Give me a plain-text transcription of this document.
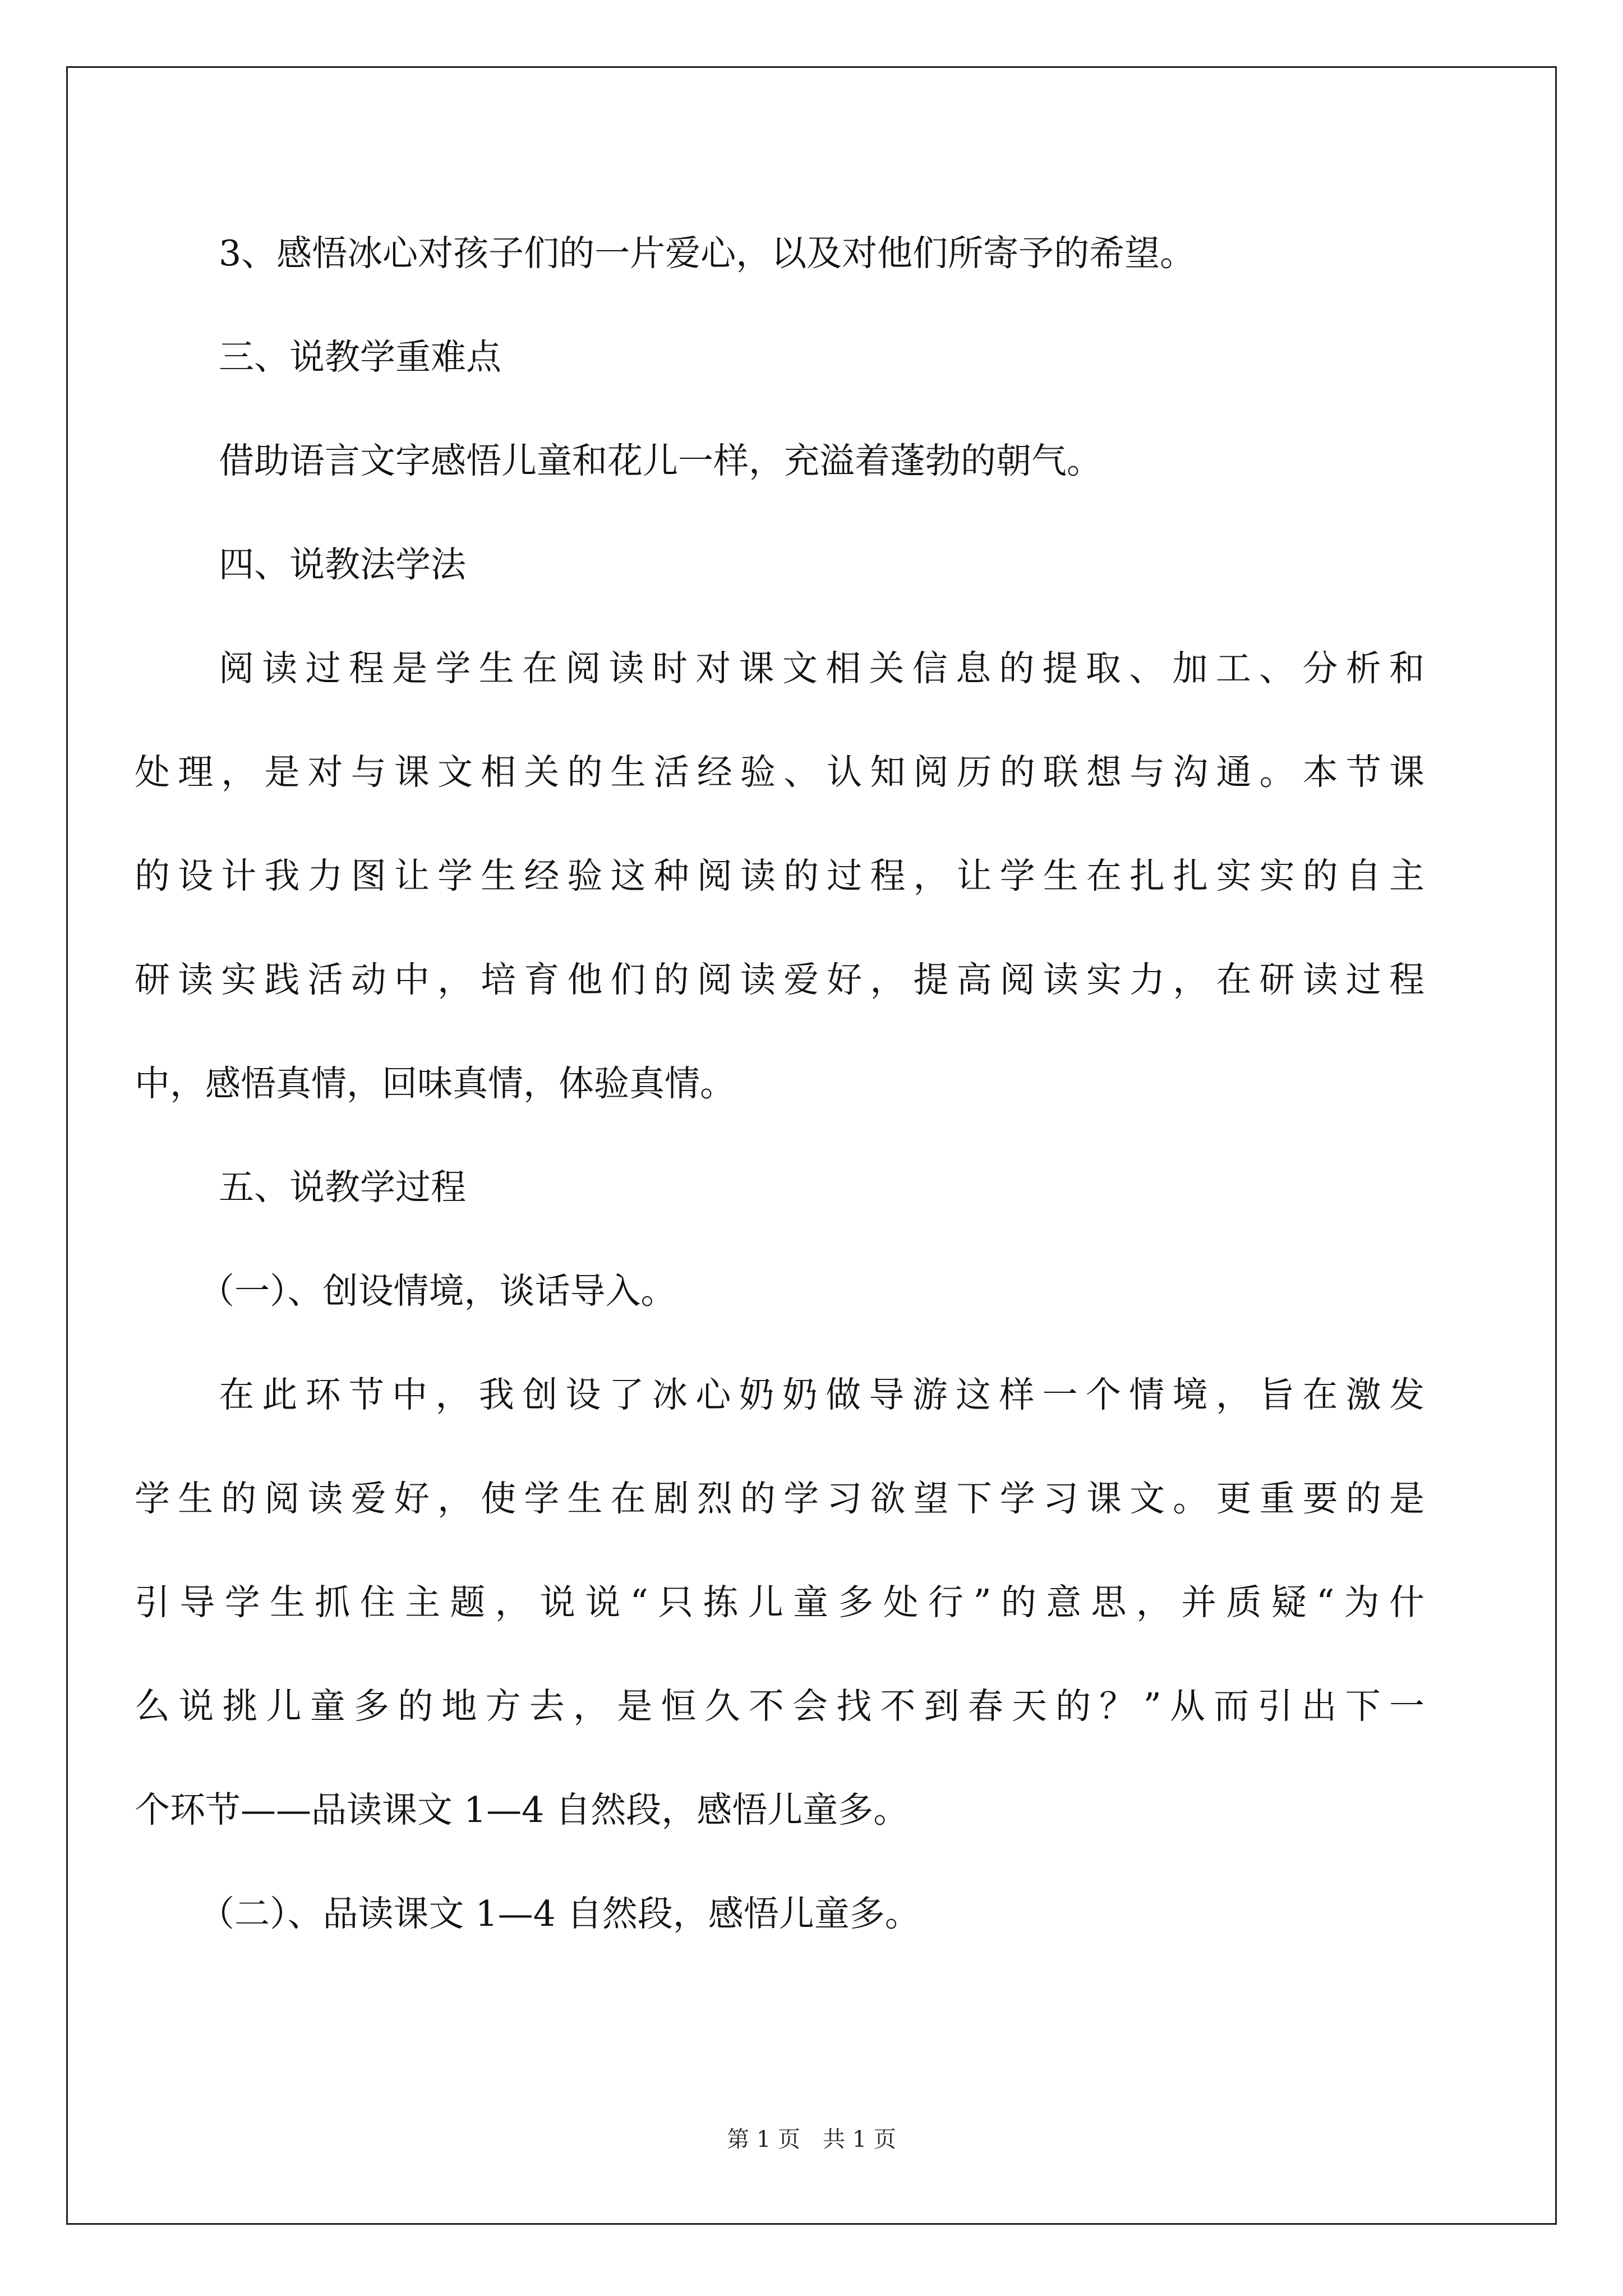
3、感悟冰心对孩子们的一片爱心，以及对他们所寄予的希望。
三、说教学重难点
借助语言文字感悟儿童和花儿一样，充溢着蓬勃的朝气。
四、说教法学法
阅读过程是学生在阅读时对课文相关信息的提取、加工、分析和
处理，是对与课文相关的生活经验、认知阅历的联想与沟通。本节课
的设计我力图让学生经验这种阅读的过程，让学生在扎扎实实的自主
研读实践活动中，培育他们的阅读爱好，提高阅读实力，在研读过程
中，感悟真情，回味真情，体验真情。
五、说教学过程
（一）、创设情境，谈话导入。
在此环节中，我创设了冰心奶奶做导游这样一个情境，旨在激发
学生的阅读爱好，使学生在剧烈的学习欲望下学习课文。更重要的是
引导学生抓住主题，说说“只拣儿童多处行”的意思，并质疑“为什
么说挑儿童多的地方去，是恒久不会找不到春天的？”从而引出下一
个环节——品读课文 1—4 自然段，感悟儿童多。
（二）、品读课文 1—4 自然段，感悟儿童多。
第 1 页　共 1 页
